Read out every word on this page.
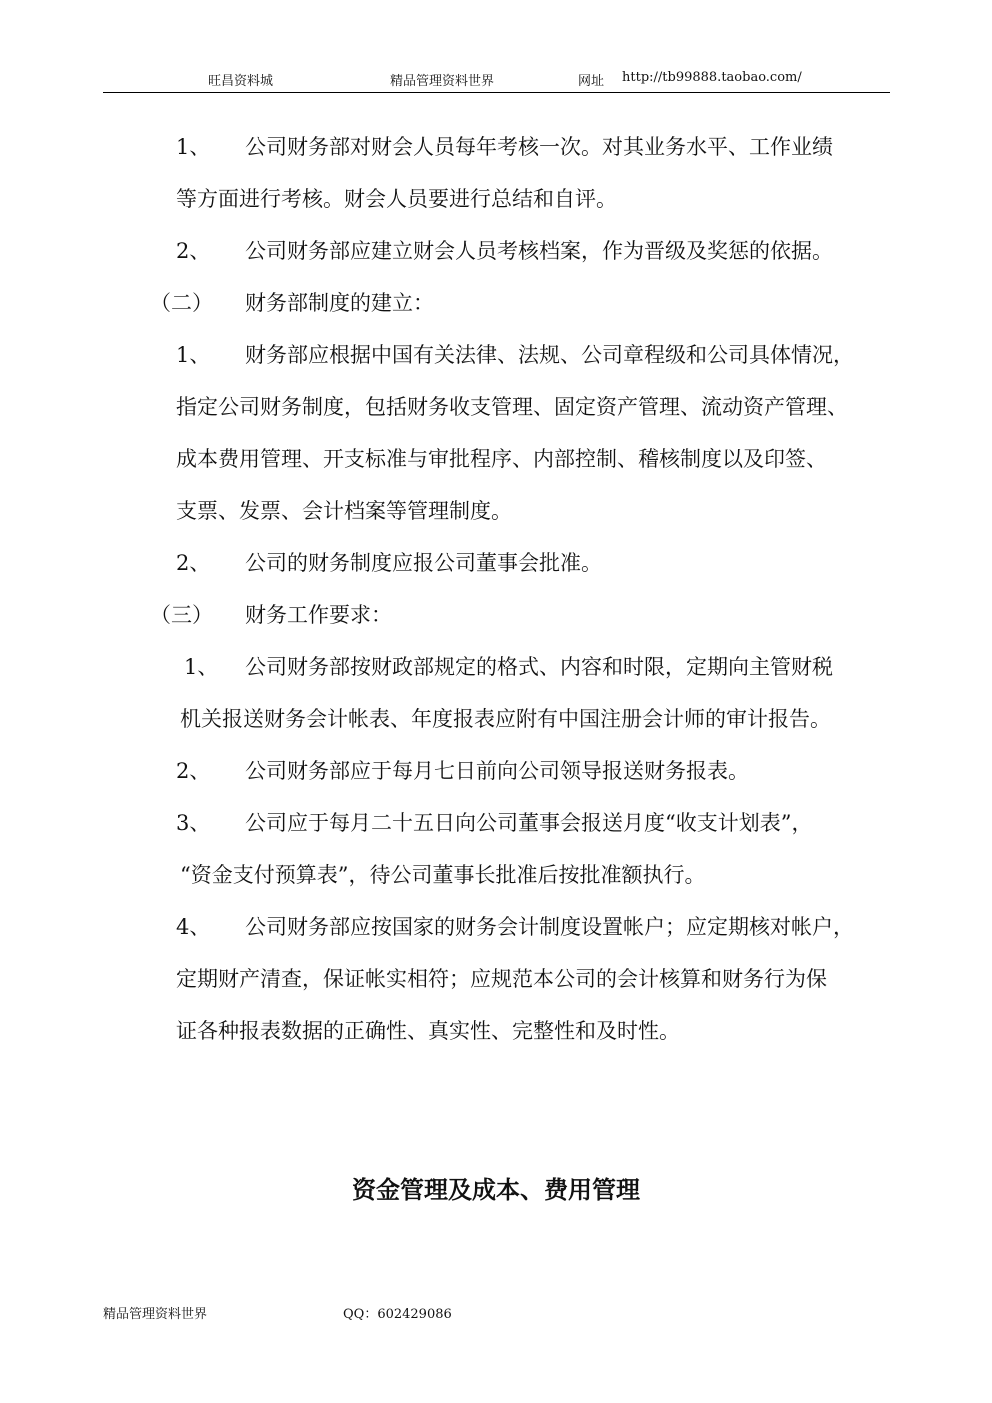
旺昌资料城	精品管理资料世界	网址 http://tb99888.taobao.com/
1、 公司财务部对财会人员每年考核一次。对其业务水平、工作业绩
等方面进行考核。财会人员要进行总结和自评。
2、 公司财务部应建立财会人员考核档案，作为晋级及奖惩的依据。
（二） 财务部制度的建立：
1、 财务部应根据中国有关法律、法规、公司章程级和公司具体情况，
指定公司财务制度，包括财务收支管理、固定资产管理、流动资产管理、
成本费用管理、开支标准与审批程序、内部控制、稽核制度以及印签、
支票、发票、会计档案等管理制度。
2、 公司的财务制度应报公司董事会批准。
（三） 财务工作要求：
1、 公司财务部按财政部规定的格式、内容和时限，定期向主管财税
机关报送财务会计帐表、年度报表应附有中国注册会计师的审计报告。
2、 公司财务部应于每月七日前向公司领导报送财务报表。
3、 公司应于每月二十五日向公司董事会报送月度“收支计划表”，
“资金支付预算表”，待公司董事长批准后按批准额执行。
4、 公司财务部应按国家的财务会计制度设置帐户；应定期核对帐户，
定期财产清查，保证帐实相符；应规范本公司的会计核算和财务行为保
证各种报表数据的正确性、真实性、完整性和及时性。
资金管理及成本、费用管理
精品管理资料世界	QQ：602429086
